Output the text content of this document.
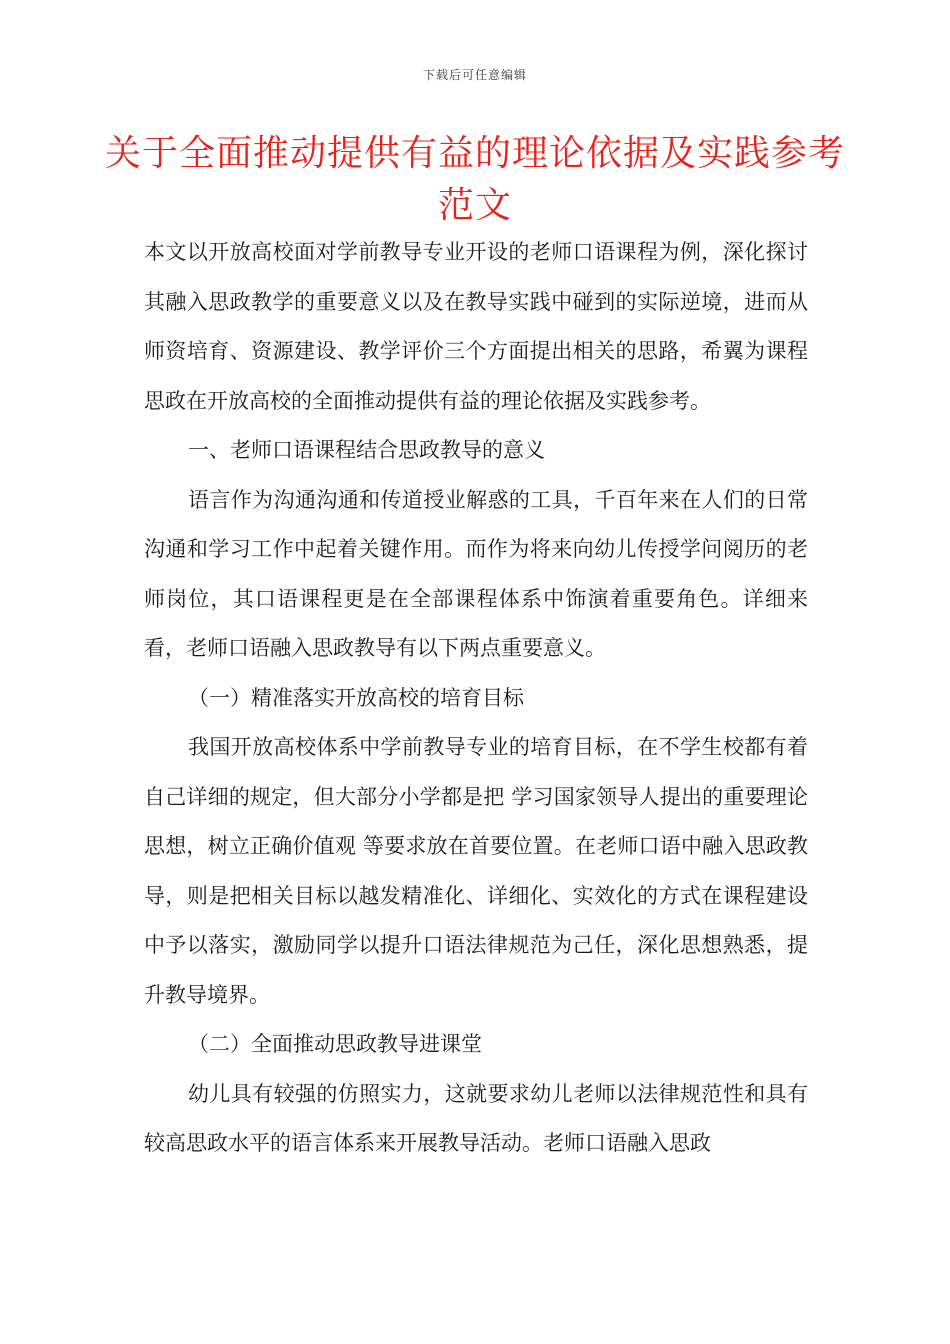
下载后可任意编辑
关于全面推动提供有益的理论依据及实践参考范文

本文以开放高校面对学前教导专业开设的老师口语课程为例，深化探讨其融入思政教学的重要意义以及在教导实践中碰到的实际逆境，进而从师资培育、资源建设、教学评价三个方面提出相关的思路，希翼为课程思政在开放高校的全面推动提供有益的理论依据及实践参考。

一、老师口语课程结合思政教导的意义

语言作为沟通沟通和传道授业解惑的工具，千百年来在人们的日常沟通和学习工作中起着关键作用。而作为将来向幼儿传授学问阅历的老师岗位，其口语课程更是在全部课程体系中饰演着重要角色。详细来看，老师口语融入思政教导有以下两点重要意义。

（一）精准落实开放高校的培育目标

我国开放高校体系中学前教导专业的培育目标，在不学生校都有着自己详细的规定，但大部分小学都是把 学习国家领导人提出的重要理论思想，树立正确价值观 等要求放在首要位置。在老师口语中融入思政教导，则是把相关目标以越发精准化、详细化、实效化的方式在课程建设中予以落实，激励同学以提升口语法律规范为己任，深化思想熟悉，提升教导境界。

（二）全面推动思政教导进课堂

幼儿具有较强的仿照实力，这就要求幼儿老师以法律规范性和具有较高思政水平的语言体系来开展教导活动。老师口语融入思政
